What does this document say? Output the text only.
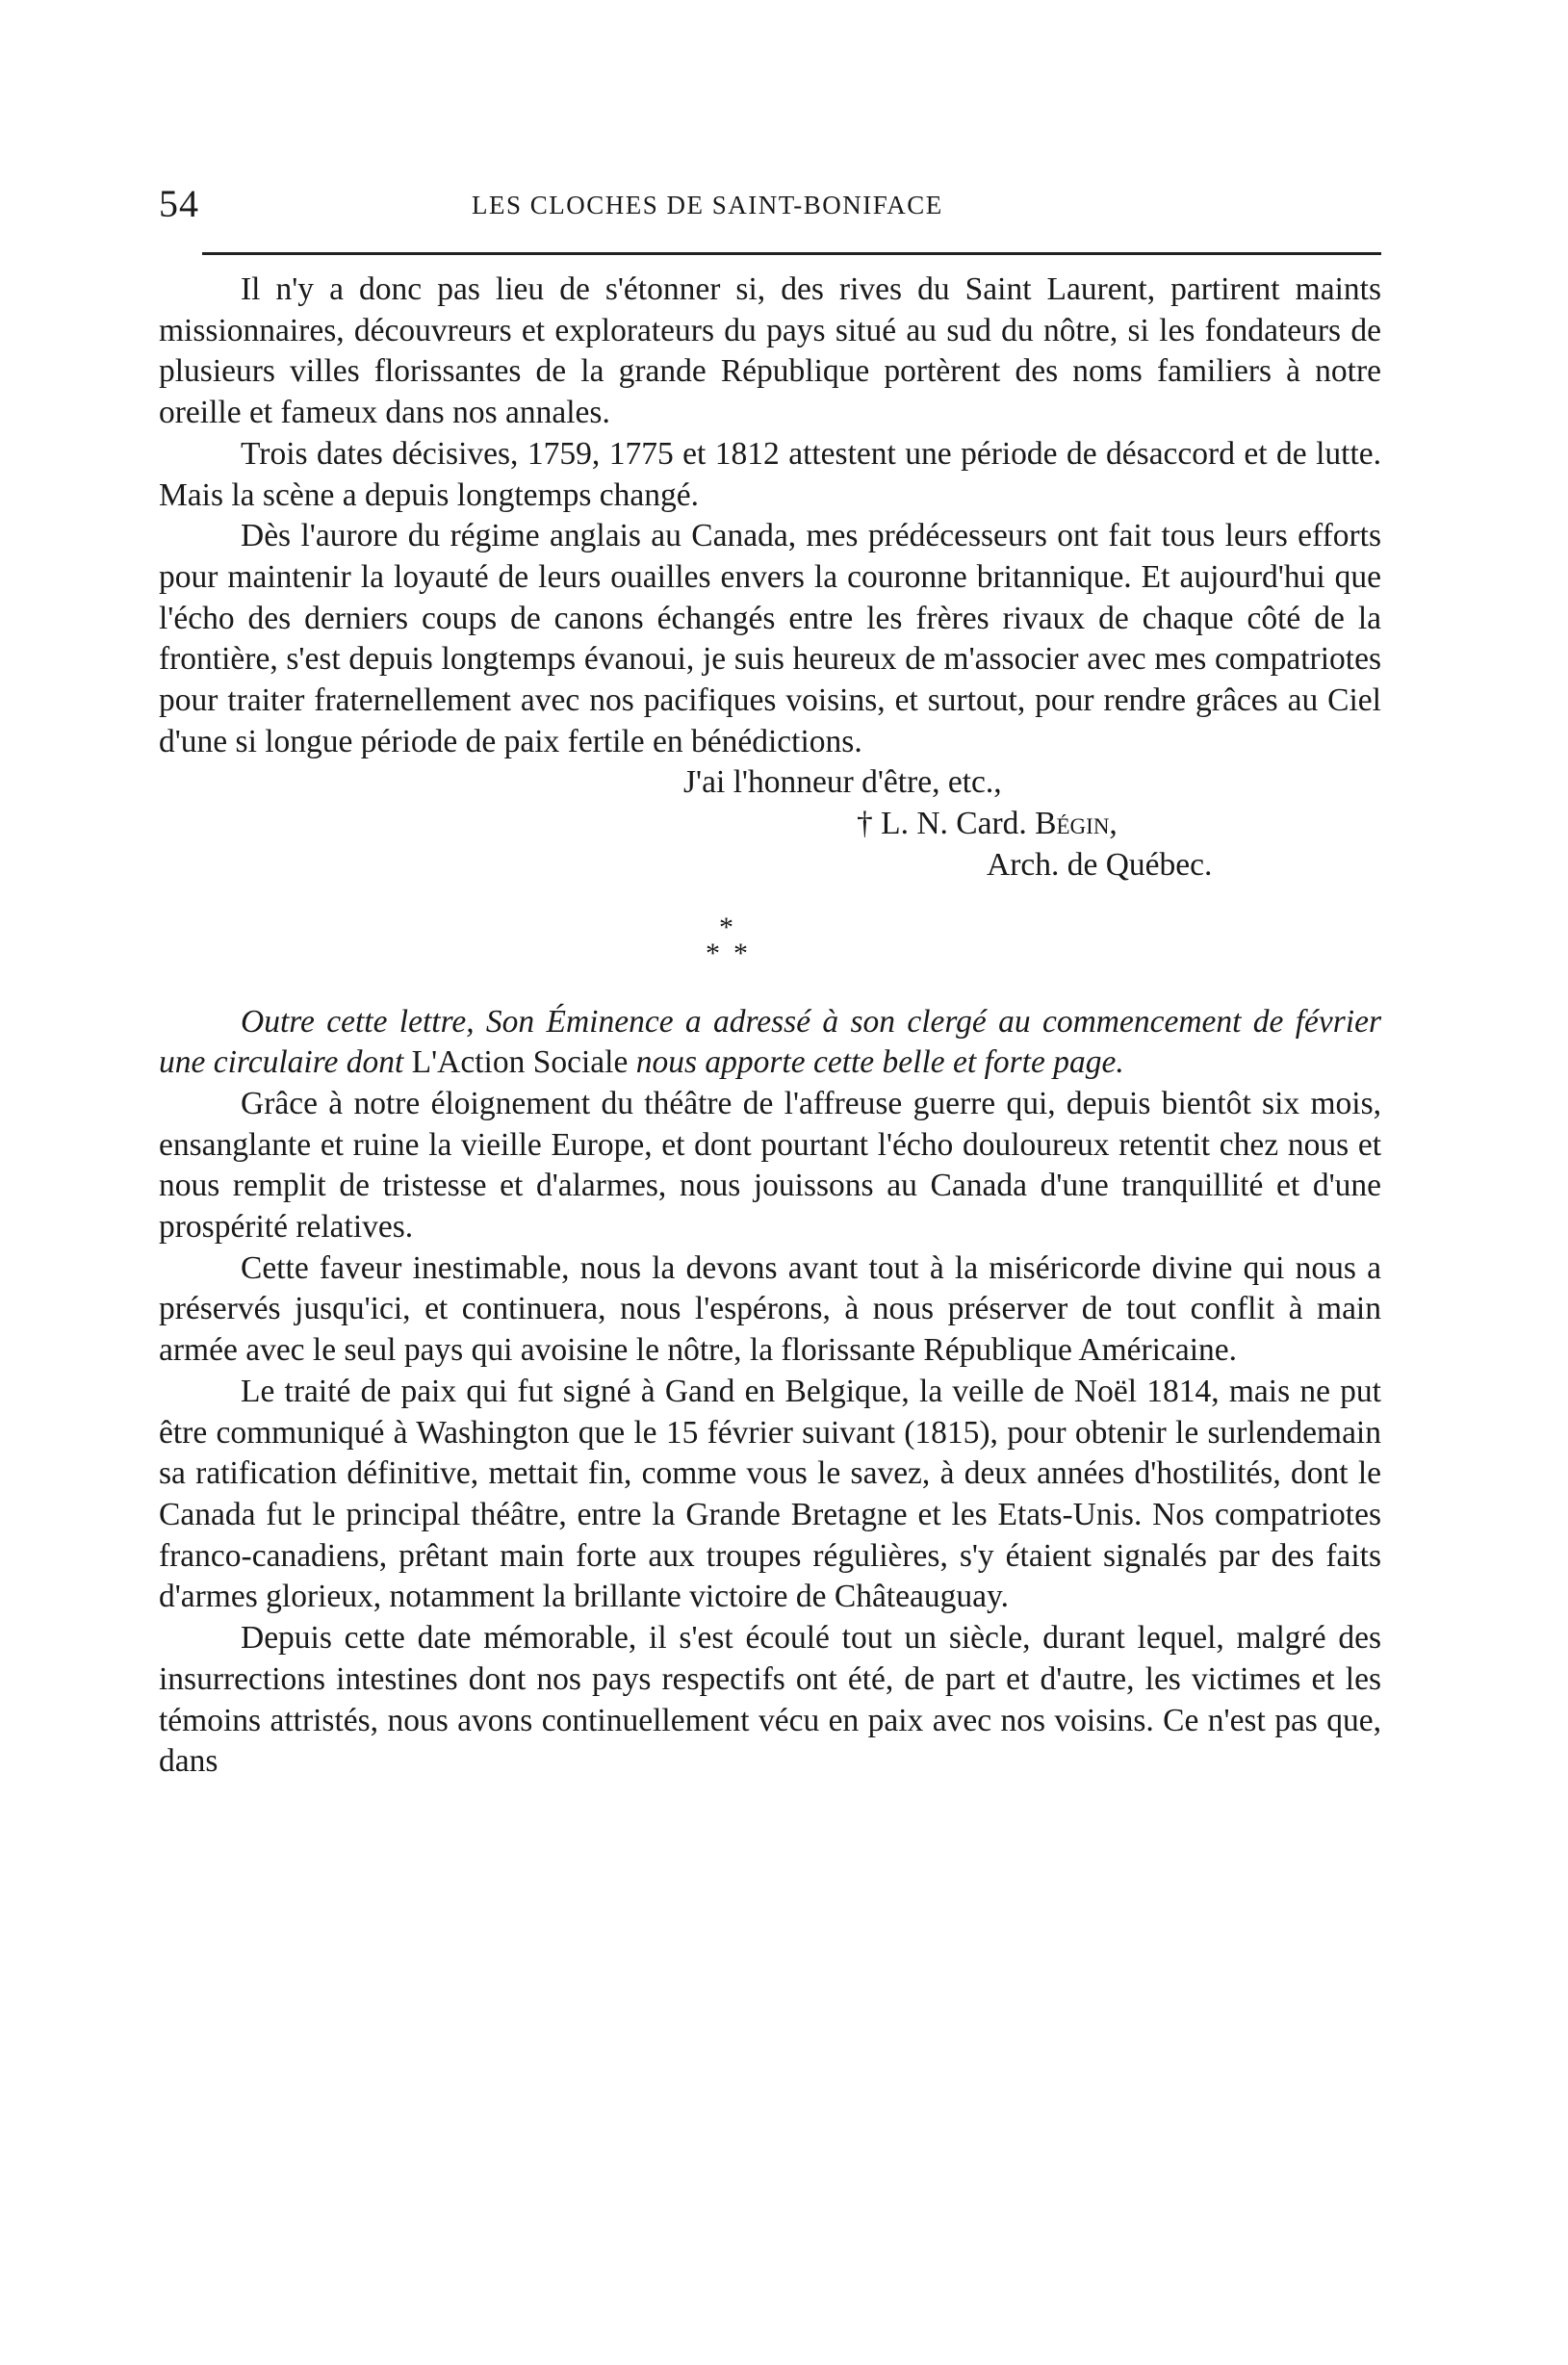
54	LES CLOCHES DE SAINT-BONIFACE

Il n'y a donc pas lieu de s'étonner si, des rives du Saint Laurent, partirent maints missionnaires, découvreurs et explorateurs du pays situé au sud du nôtre, si les fondateurs de plusieurs villes florissantes de la grande République portèrent des noms familiers à notre oreille et fameux dans nos annales.

Trois dates décisives, 1759, 1775 et 1812 attestent une période de désaccord et de lutte. Mais la scène a depuis longtemps changé.

Dès l'aurore du régime anglais au Canada, mes prédécesseurs ont fait tous leurs efforts pour maintenir la loyauté de leurs ouailles envers la couronne britannique. Et aujourd'hui que l'écho des derniers coups de canons échangés entre les frères rivaux de chaque côté de la frontière, s'est depuis longtemps évanoui, je suis heureux de m'associer avec mes compatriotes pour traiter fraternellement avec nos pacifiques voisins, et surtout, pour rendre grâces au Ciel d'une si longue période de paix fertile en bénédictions.

J'ai l'honneur d'être, etc.,
† L. N. Card. Bégin,
Arch. de Québec.
*
* *

Outre cette lettre, Son Éminence a adressé à son clergé au commencement de février une circulaire dont L'Action Sociale nous apporte cette belle et forte page.

Grâce à notre éloignement du théâtre de l'affreuse guerre qui, depuis bientôt six mois, ensanglante et ruine la vieille Europe, et dont pourtant l'écho douloureux retentit chez nous et nous remplit de tristesse et d'alarmes, nous jouissons au Canada d'une tranquillité et d'une prospérité relatives.

Cette faveur inestimable, nous la devons avant tout à la miséricorde divine qui nous a préservés jusqu'ici, et continuera, nous l'espérons, à nous préserver de tout conflit à main armée avec le seul pays qui avoisine le nôtre, la florissante République Américaine.

Le traité de paix qui fut signé à Gand en Belgique, la veille de Noël 1814, mais ne put être communiqué à Washington que le 15 février suivant (1815), pour obtenir le surlendemain sa ratification définitive, mettait fin, comme vous le savez, à deux années d'hostilités, dont le Canada fut le principal théâtre, entre la Grande Bretagne et les Etats-Unis. Nos compatriotes franco-canadiens, prêtant main forte aux troupes régulières, s'y étaient signalés par des faits d'armes glorieux, notamment la brillante victoire de Châteauguay.

Depuis cette date mémorable, il s'est écoulé tout un siècle, durant lequel, malgré des insurrections intestines dont nos pays respectifs ont été, de part et d'autre, les victimes et les témoins attristés, nous avons continuellement vécu en paix avec nos voisins. Ce n'est pas que, dans
